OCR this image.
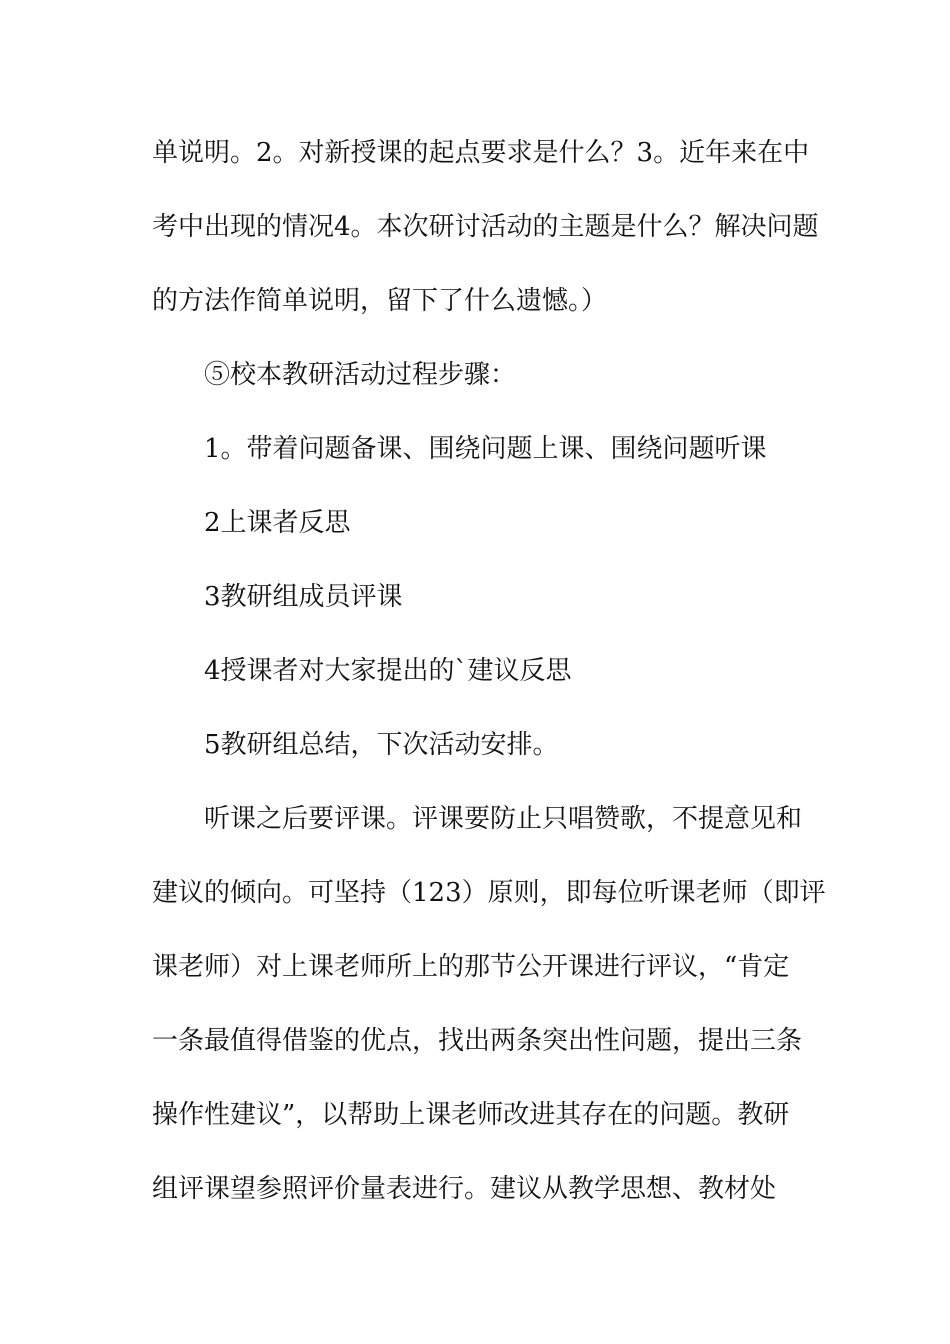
单说明。2。对新授课的起点要求是什么？3。近年来在中
考中出现的情况4。本次研讨活动的主题是什么？解决问题
的方法作简单说明，留下了什么遗憾。）
⑤校本教研活动过程步骤：
1。带着问题备课、围绕问题上课、围绕问题听课
2上课者反思
3教研组成员评课
4授课者对大家提出的`建议反思
5教研组总结，下次活动安排。
听课之后要评课。评课要防止只唱赞歌，不提意见和
建议的倾向。可坚持（123）原则，即每位听课老师（即评
课老师）对上课老师所上的那节公开课进行评议，“肯定
一条最值得借鉴的优点，找出两条突出性问题，提出三条
操作性建议”，以帮助上课老师改进其存在的问题。教研
组评课望参照评价量表进行。建议从教学思想、教材处
